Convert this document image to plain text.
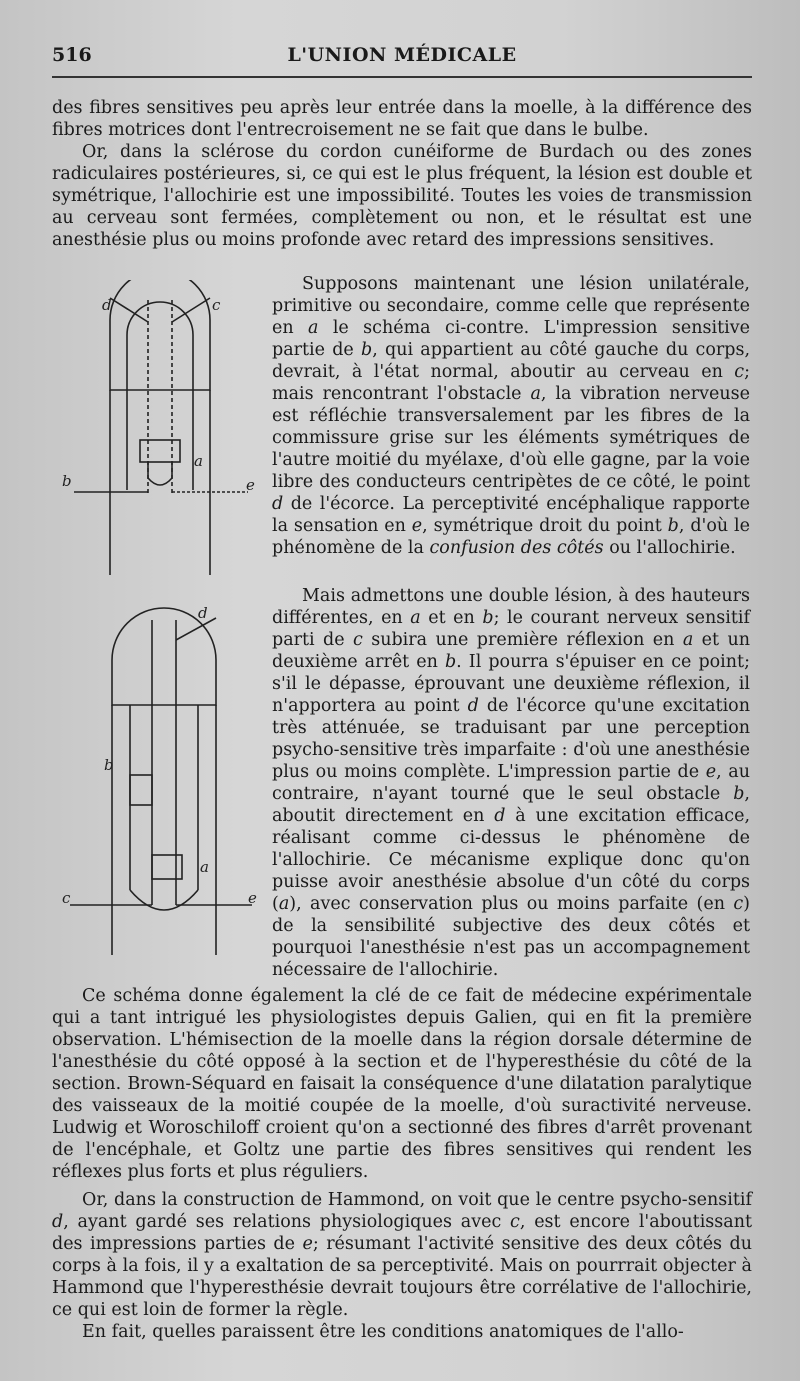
516	L'UNION MÉDICALE

des fibres sensitives peu après leur entrée dans la moelle, à la différence des fibres motrices dont l'entrecroisement ne se fait que dans le bulbe.

Or, dans la sclérose du cordon cunéiforme de Burdach ou des zones radiculaires postérieures, si, ce qui est le plus fréquent, la lésion est double et symétrique, l'allochirie est une impossibilité. Toutes les voies de transmission au cerveau sont fermées, complètement ou non, et le résultat est une anesthésie plus ou moins profonde avec retard des impressions sensitives.

Supposons maintenant une lésion unilatérale, primitive ou secondaire, comme celle que représente en a le schéma ci-contre. L'impression sensitive partie de b, qui appartient au côté gauche du corps, devrait, à l'état normal, aboutir au cerveau en c; mais rencontrant l'obstacle a, la vibration nerveuse est réfléchie transversalement par les fibres de la commissure grise sur les éléments symétriques de l'autre moitié du myélaxe, d'où elle gagne, par la voie libre des conducteurs centripètes de ce côté, le point d de l'écorce. La perceptivité encéphalique rapporte la sensation en e, symétrique droit du point b, d'où le phénomène de la confusion des côtés ou l'allochirie.

Mais admettons une double lésion, à des hauteurs différentes, en a et en b; le courant nerveux sensitif parti de c subira une première réflexion en a et un deuxième arrêt en b. Il pourra s'épuiser en ce point; s'il le dépasse, éprouvant une deuxième réflexion, il n'apportera au point d de l'écorce qu'une excitation très atténuée, se traduisant par une perception psycho-sensitive très imparfaite : d'où une anesthésie plus ou moins complète. L'impression partie de e, au contraire, n'ayant tourné que le seul obstacle b, aboutit directement en d à une excitation efficace, réalisant comme ci-dessus le phénomène de l'allochirie. Ce mécanisme explique donc qu'on puisse avoir anesthésie absolue d'un côté du corps (a), avec conservation plus ou moins parfaite (en c) de la sensibilité subjective des deux côtés et pourquoi l'anesthésie n'est pas un accompagnement nécessaire de l'allochirie.

Ce schéma donne également la clé de ce fait de médecine expérimentale qui a tant intrigué les physiologistes depuis Galien, qui en fit la première observation. L'hémisection de la moelle dans la région dorsale détermine de l'anesthésie du côté opposé à la section et de l'hyperesthésie du côté de la section. Brown-Séquard en faisait la conséquence d'une dilatation paralytique des vaisseaux de la moitié coupée de la moelle, d'où suractivité nerveuse. Ludwig et Woroschiloff croient qu'on a sectionné des fibres d'arrêt provenant de l'encéphale, et Goltz une partie des fibres sensitives qui rendent les réflexes plus forts et plus réguliers.

Or, dans la construction de Hammond, on voit que le centre psycho-sensitif d, ayant gardé ses relations physiologiques avec c, est encore l'aboutissant des impressions parties de e; résumant l'activité sensitive des deux côtés du corps à la fois, il y a exaltation de sa perceptivité. Mais on pourrrait objecter à Hammond que l'hyperesthésie devrait toujours être corrélative de l'allochirie, ce qui est loin de former la règle.

En fait, quelles paraissent être les conditions anatomiques de l'allo-

d	c
a
b	e
d
b
a
c	e
